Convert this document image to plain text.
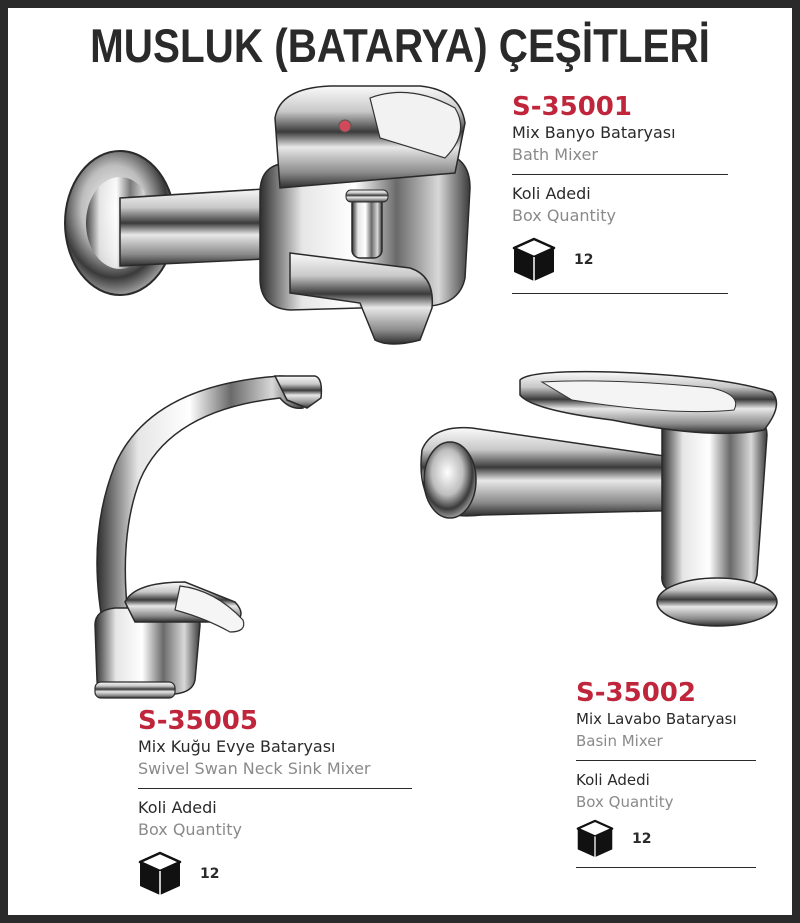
MUSLUK (BATARYA) ÇEŞİTLERİ
S-35001
Mix Banyo Bataryası
Bath Mixer
Koli Adedi
Box Quantity
12
S-35002
Mix Lavabo Bataryası
Basin Mixer
Koli Adedi
Box Quantity
12
S-35005
Mix Kuğu Evye Bataryası
Swivel Swan Neck Sink Mixer
Koli Adedi
Box Quantity
12
